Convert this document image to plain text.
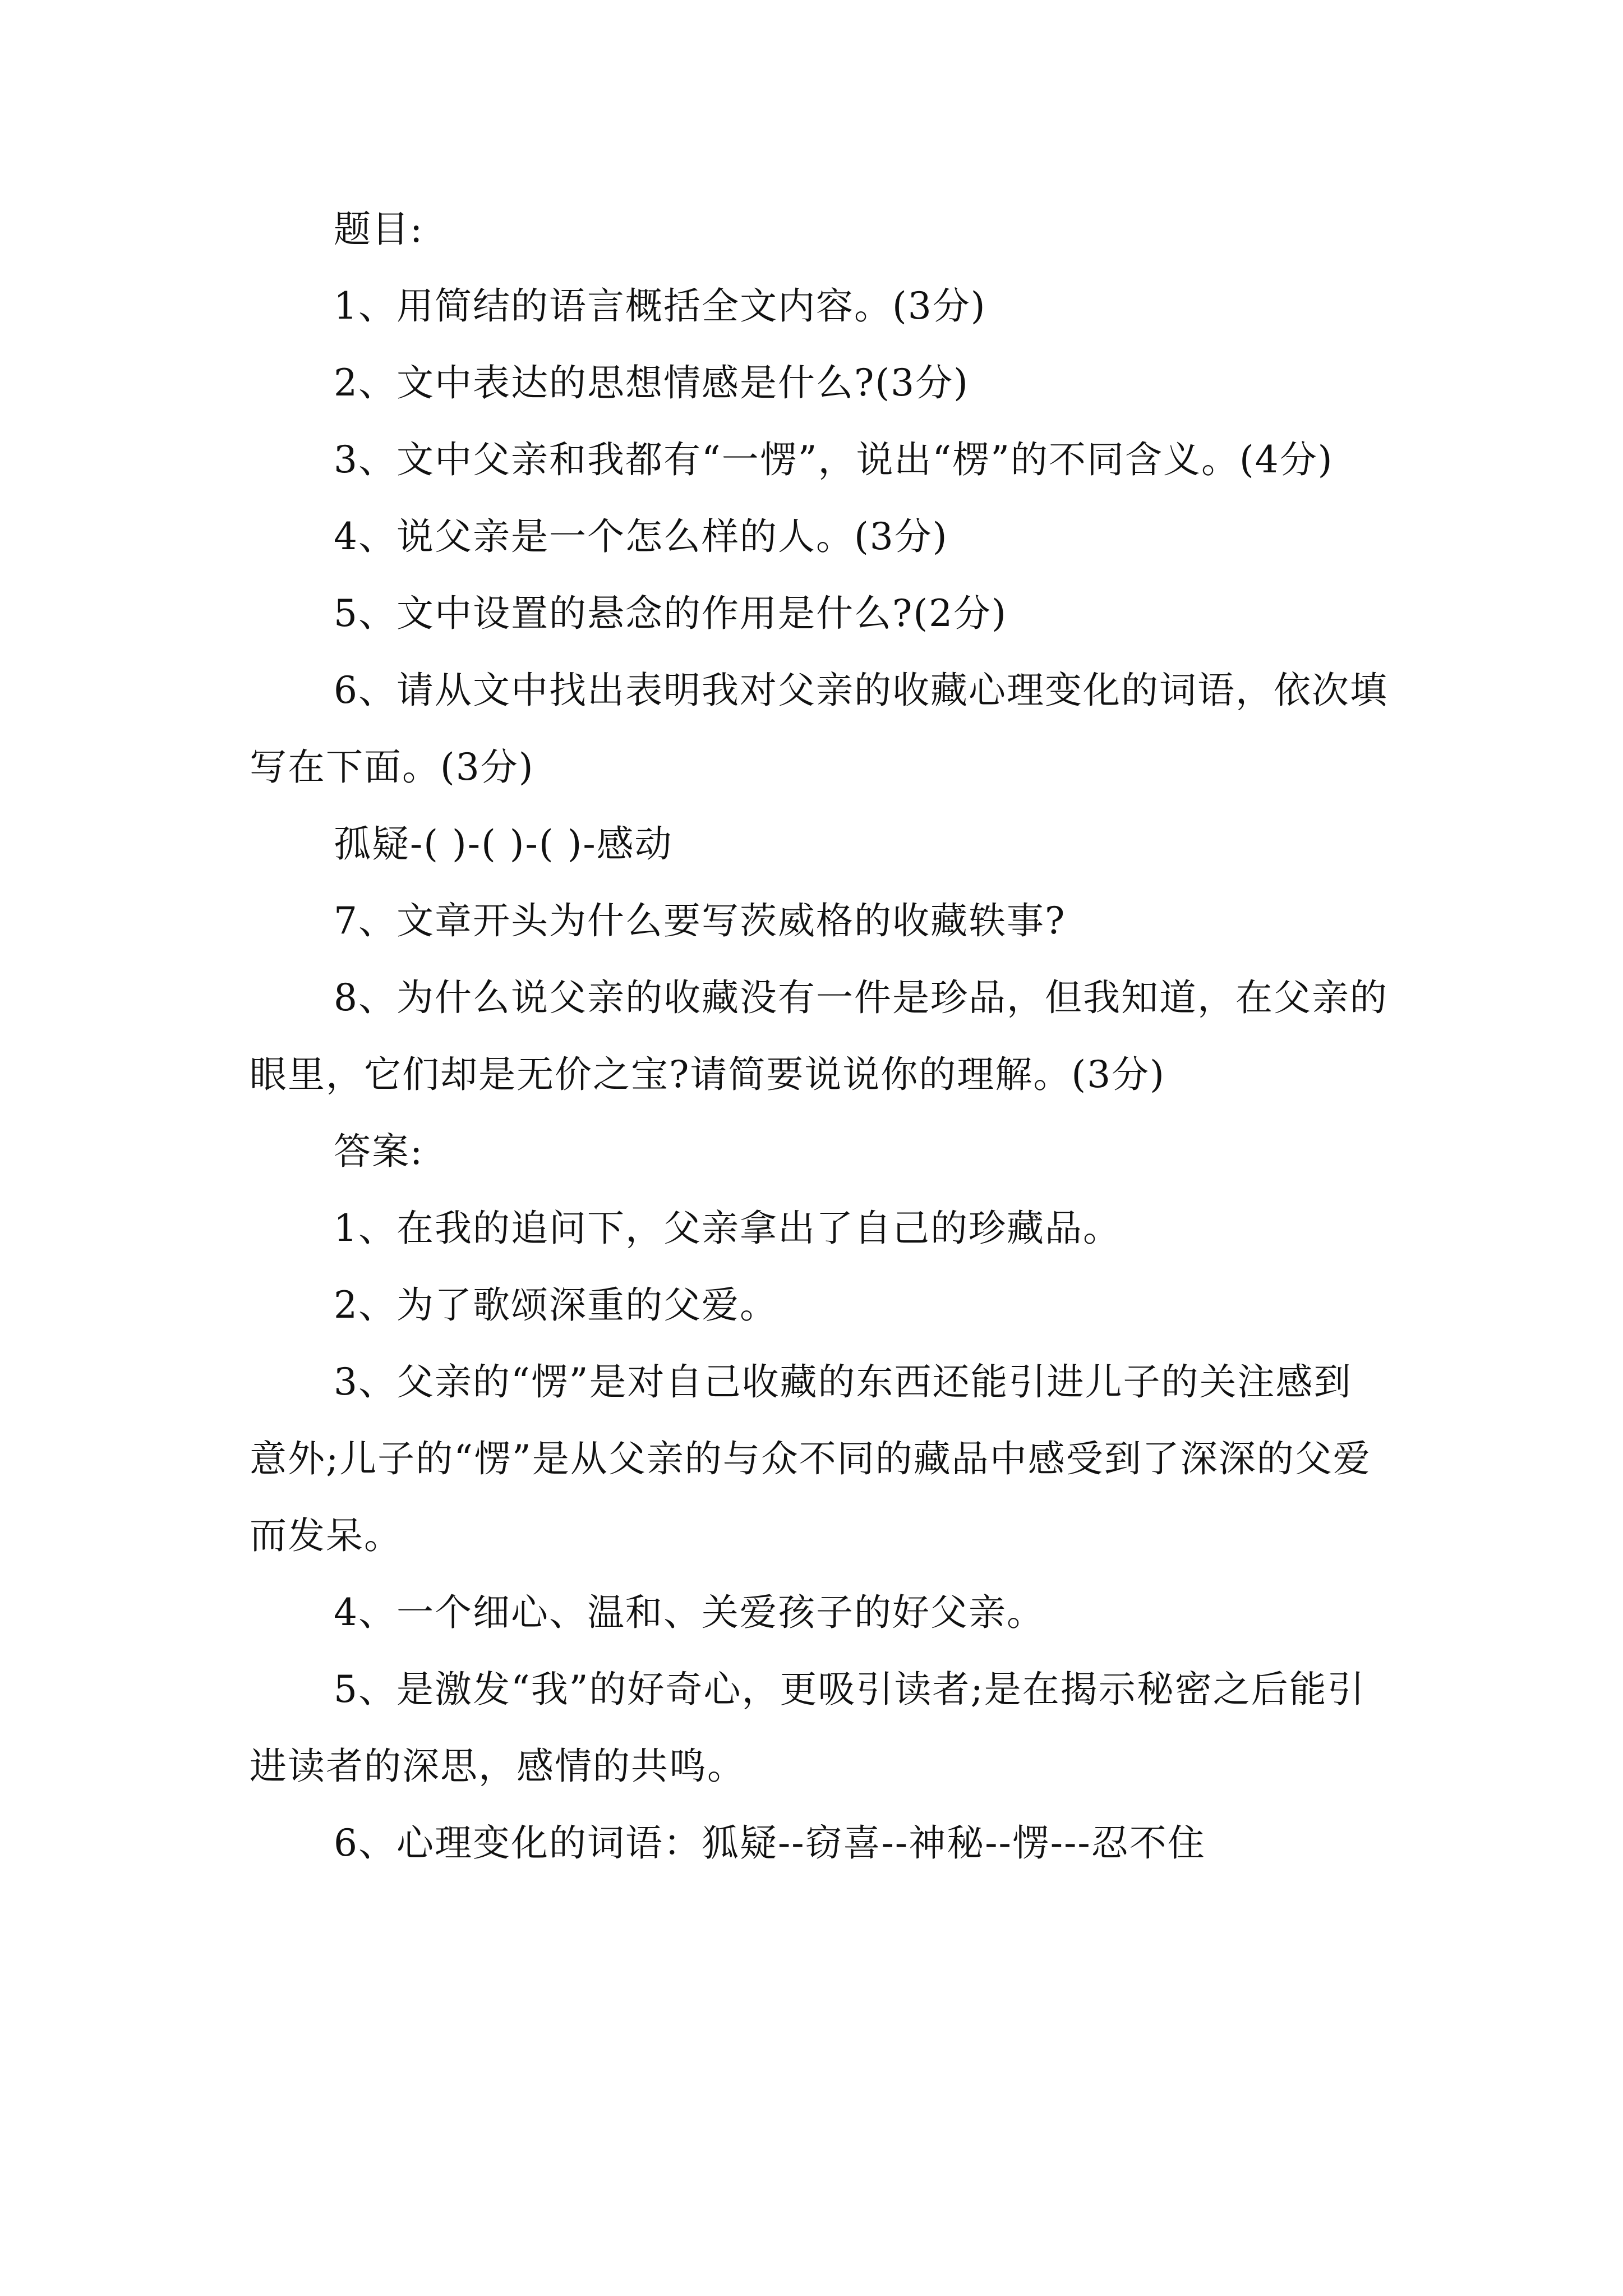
题目:

1、用简结的语言概括全文内容。(3分)

2、文中表达的思想情感是什么?(3分)

3、文中父亲和我都有“一愣”，说出“楞”的不同含义。(4分)

4、说父亲是一个怎么样的人。(3分)

5、文中设置的悬念的作用是什么?(2分)

6、请从文中找出表明我对父亲的收藏心理变化的词语，依次填写在下面。(3分)

孤疑-( )-( )-( )-感动

7、文章开头为什么要写茨威格的收藏轶事?

8、为什么说父亲的收藏没有一件是珍品，但我知道，在父亲的眼里，它们却是无价之宝?请简要说说你的理解。(3分)

答案:

1、在我的追问下，父亲拿出了自己的珍藏品。

2、为了歌颂深重的父爱。

3、父亲的“愣”是对自己收藏的东西还能引进儿子的关注感到意外;儿子的“愣”是从父亲的与众不同的藏品中感受到了深深的父爱而发呆。

4、一个细心、温和、关爱孩子的好父亲。

5、是激发“我”的好奇心，更吸引读者;是在揭示秘密之后能引进读者的深思，感情的共鸣。

6、心理变化的词语：狐疑--窃喜--神秘--愣---忍不住
